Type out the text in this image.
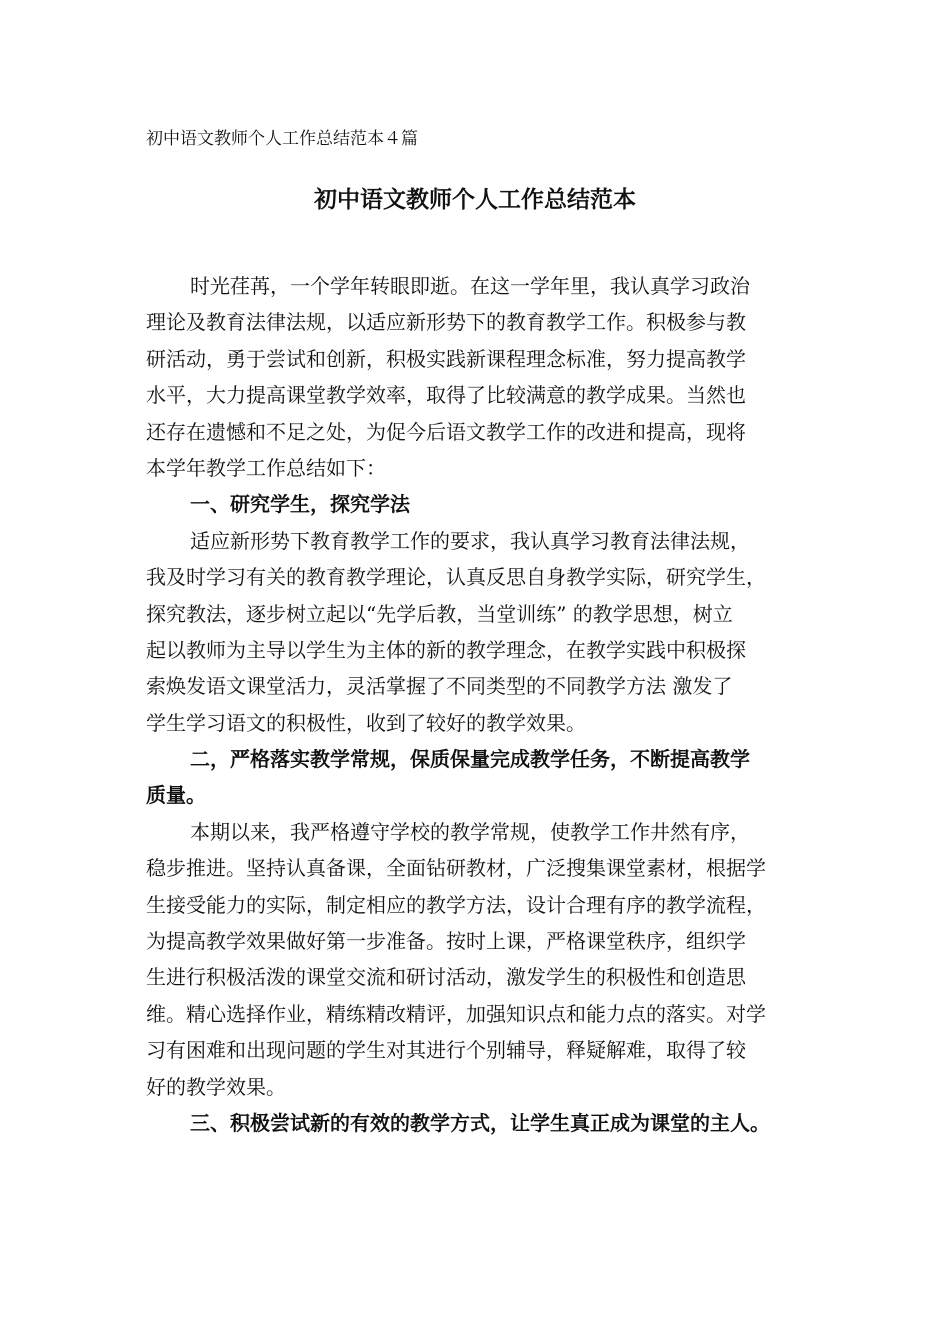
初中语文教师个人工作总结范本４篇
初中语文教师个人工作总结范本
时光荏苒，一个学年转眼即逝。在这一学年里，我认真学习政治
理论及教育法律法规，以适应新形势下的教育教学工作。积极参与教
研活动，勇于尝试和创新，积极实践新课程理念标准，努力提高教学
水平，大力提高课堂教学效率，取得了比较满意的教学成果。当然也
还存在遗憾和不足之处，为促今后语文教学工作的改进和提高，现将
本学年教学工作总结如下：
一、研究学生，探究学法
适应新形势下教育教学工作的要求，我认真学习教育法律法规，
我及时学习有关的教育教学理论，认真反思自身教学实际，研究学生，
探究教法，逐步树立起以“先学后教，当堂训练” 的教学思想，树立
起以教师为主导以学生为主体的新的教学理念，在教学实践中积极探
索焕发语文课堂活力，灵活掌握了不同类型的不同教学方法 激发了
学生学习语文的积极性，收到了较好的教学效果。
二，严格落实教学常规，保质保量完成教学任务，不断提高教学
质量。
本期以来，我严格遵守学校的教学常规，使教学工作井然有序，
稳步推进。坚持认真备课，全面钻研教材，广泛搜集课堂素材，根据学
生接受能力的实际，制定相应的教学方法，设计合理有序的教学流程，
为提高教学效果做好第一步准备。按时上课，严格课堂秩序，组织学
生进行积极活泼的课堂交流和研讨活动，激发学生的积极性和创造思
维。精心选择作业，精练精改精评，加强知识点和能力点的落实。对学
习有困难和出现问题的学生对其进行个别辅导，释疑解难，取得了较
好的教学效果。
三、积极尝试新的有效的教学方式，让学生真正成为课堂的主人。
